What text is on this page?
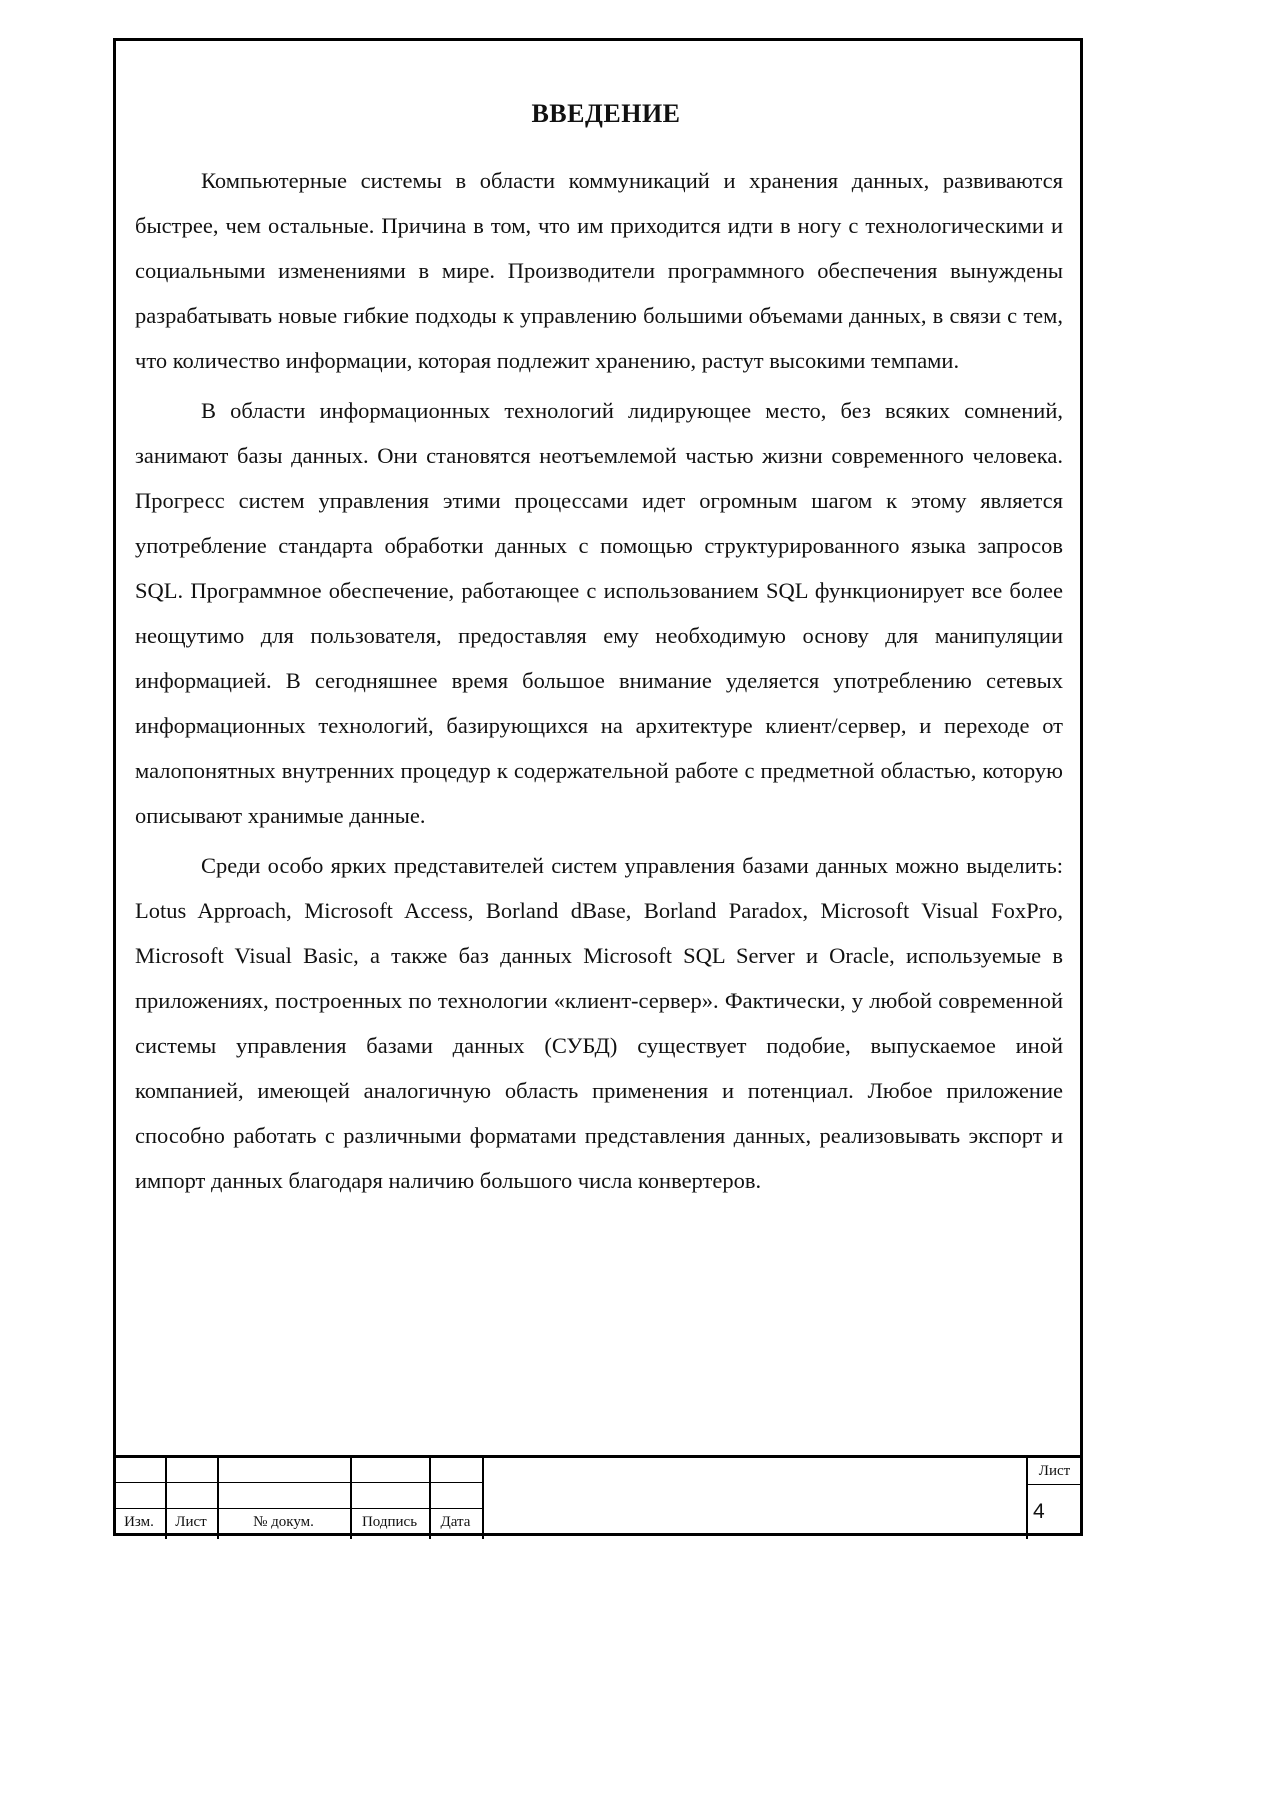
ВВЕДЕНИЕ

Компьютерные системы в области коммуникаций и хранения данных, развиваются быстрее, чем остальные. Причина в том, что им приходится идти в ногу с технологическими и социальными изменениями в мире. Производители программного обеспечения вынуждены разрабатывать новые гибкие подходы к управлению большими объемами данных, в связи с тем, что количество информации, которая подлежит хранению, растут высокими темпами.

В области информационных технологий лидирующее место, без всяких сомнений, занимают базы данных. Они становятся неотъемлемой частью жизни современного человека. Прогресс систем управления этими процессами идет огромным шагом к этому является употребление стандарта обработки данных с помощью структурированного языка запросов SQL. Программное обеспечение, работающее с использованием SQL функционирует все более неощутимо для пользователя, предоставляя ему необходимую основу для манипуляции информацией. В сегодняшнее время большое внимание уделяется употреблению сетевых информационных технологий, базирующихся на архитектуре клиент/сервер, и переходе от малопонятных внутренних процедур к содержательной работе с предметной областью, которую описывают хранимые данные.

Среди особо ярких представителей систем управления базами данных можно выделить: Lotus Approach, Microsoft Access, Borland dBase, Borland Paradox, Microsoft Visual FoxPro, Microsoft Visual Basic, а также баз данных Microsoft SQL Server и Oracle, используемые в приложениях, построенных по технологии «клиент-сервер». Фактически, у любой современной системы управления базами данных (СУБД) существует подобие, выпускаемое иной компанией, имеющей аналогичную область применения и потенциал. Любое приложение способно работать с различными форматами представления данных, реализовывать экспорт и импорт данных благодаря наличию большого числа конвертеров.

Изм.	Лист	№ докум.	Подпись	Дата
Лист
4
